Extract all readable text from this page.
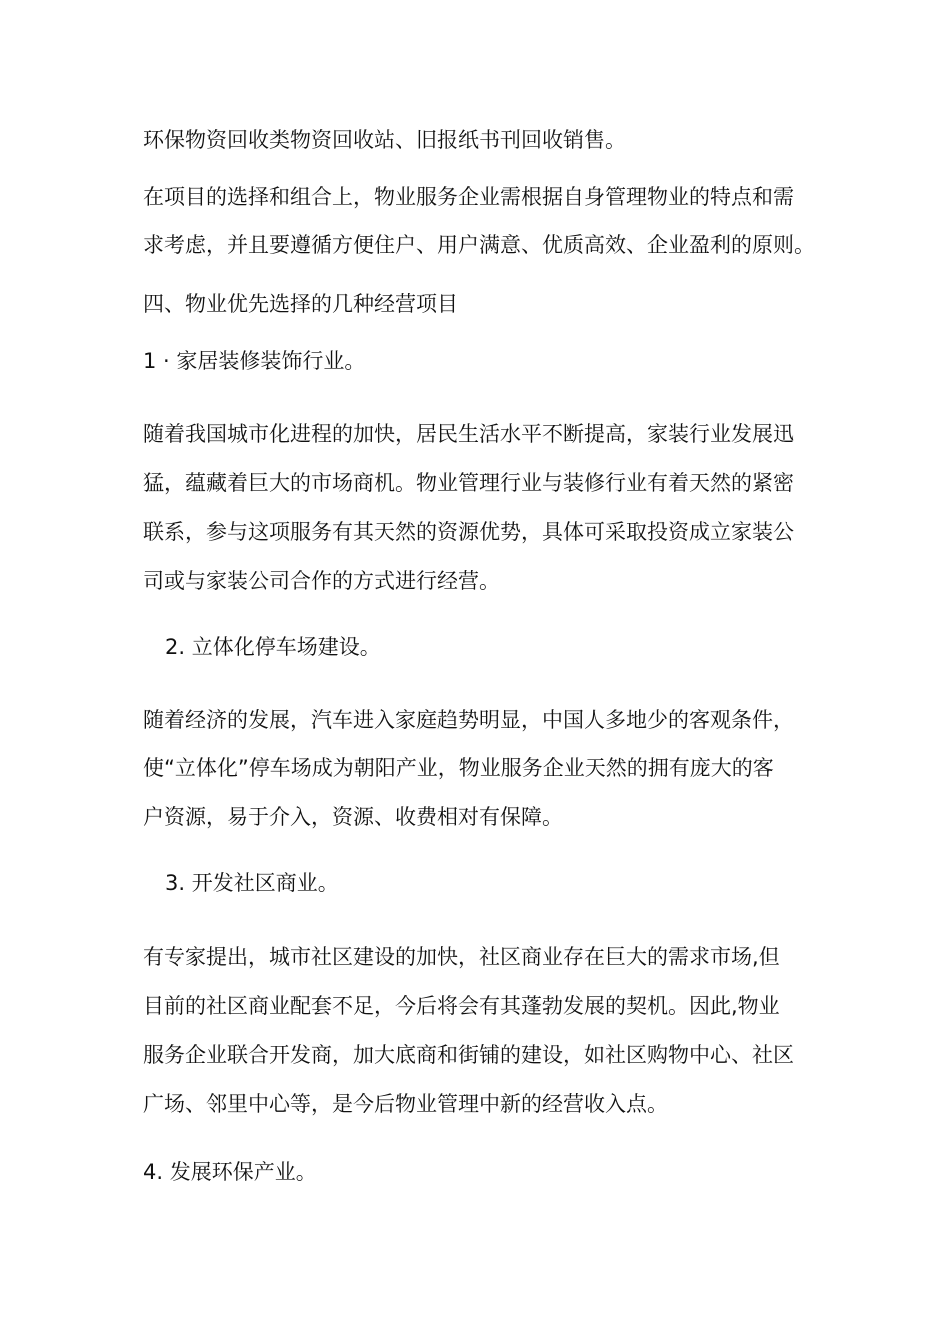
环保物资回收类物资回收站、旧报纸书刊回收销售。
在项目的选择和组合上，物业服务企业需根据自身管理物业的特点和需
求考虑，并且要遵循方便住户、用户满意、优质高效、企业盈利的原则。
四、物业优先选择的几种经营项目
1 · 家居装修装饰行业。
随着我国城市化进程的加快，居民生活水平不断提高，家装行业发展迅
猛，蕴藏着巨大的市场商机。物业管理行业与装修行业有着天然的紧密
联系，参与这项服务有其天然的资源优势，具体可采取投资成立家装公
司或与家装公司合作的方式进行经营。
2. 立体化停车场建设。
随着经济的发展，汽车进入家庭趋势明显，中国人多地少的客观条件，
使“立体化”停车场成为朝阳产业，物业服务企业天然的拥有庞大的客
户资源，易于介入，资源、收费相对有保障。
3. 开发社区商业。
有专家提出，城市社区建设的加快，社区商业存在巨大的需求市场,但
目前的社区商业配套不足，今后将会有其蓬勃发展的契机。因此,物业
服务企业联合开发商，加大底商和街铺的建设，如社区购物中心、社区
广场、邻里中心等，是今后物业管理中新的经营收入点。
4. 发展环保产业。
